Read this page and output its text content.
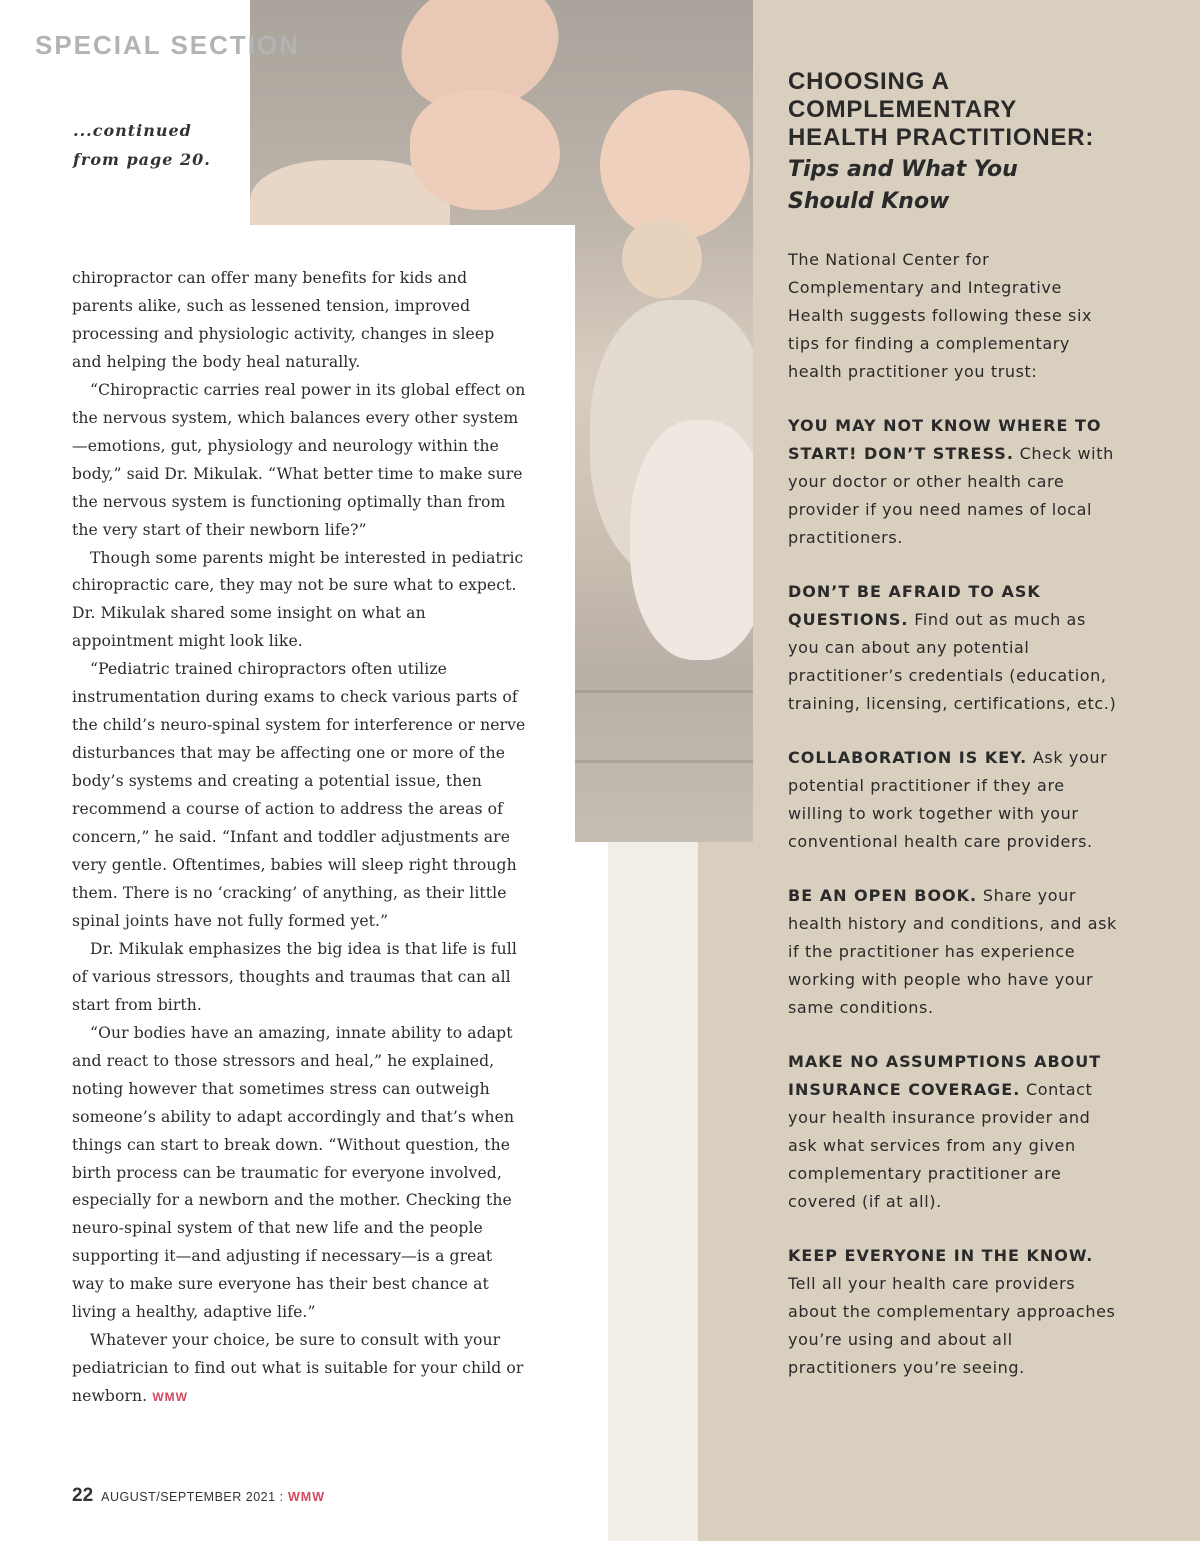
SPECIAL SECTION
...continued
from page 20.

chiropractor can offer many benefits for kids and parents alike, such as lessened tension, improved processing and physiologic activity, changes in sleep and helping the body heal naturally.

“Chiropractic carries real power in its global effect on the nervous system, which balances every other system—emotions, gut, physiology and neurology within the body,” said Dr. Mikulak. “What better time to make sure the nervous system is functioning optimally than from the very start of their newborn life?”

Though some parents might be interested in pediatric chiropractic care, they may not be sure what to expect. Dr. Mikulak shared some insight on what an appointment might look like.

“Pediatric trained chiropractors often utilize instrumentation during exams to check various parts of the child’s neuro-spinal system for interference or nerve disturbances that may be affecting one or more of the body’s systems and creating a potential issue, then recommend a course of action to address the areas of concern,” he said. “Infant and toddler adjustments are very gentle. Oftentimes, babies will sleep right through them. There is no ‘cracking’ of anything, as their little spinal joints have not fully formed yet.”

Dr. Mikulak emphasizes the big idea is that life is full of various stressors, thoughts and traumas that can all start from birth.

“Our bodies have an amazing, innate ability to adapt and react to those stressors and heal,” he explained, noting however that sometimes stress can outweigh someone’s ability to adapt accordingly and that’s when things can start to break down. “Without question, the birth process can be traumatic for everyone involved, especially for a newborn and the mother. Checking the neuro-spinal system of that new life and the people supporting it—and adjusting if necessary—is a great way to make sure everyone has their best chance at living a healthy, adaptive life.”

Whatever your choice, be sure to consult with your pediatrician to find out what is suitable for your child or newborn. WMW

22 AUGUST/SEPTEMBER 2021 : WMW
CHOOSING A
COMPLEMENTARY
HEALTH PRACTITIONER:
Tips and What You
Should Know

The National Center for Complementary and Integrative Health suggests following these six tips for finding a complementary health practitioner you trust:

YOU MAY NOT KNOW WHERE TO START! DON’T STRESS. Check with your doctor or other health care provider if you need names of local practitioners.

DON’T BE AFRAID TO ASK QUESTIONS. Find out as much as you can about any potential practitioner’s credentials (education, training, licensing, certifications, etc.)

COLLABORATION IS KEY. Ask your potential practitioner if they are willing to work together with your conventional health care providers.

BE AN OPEN BOOK. Share your health history and conditions, and ask if the practitioner has experience working with people who have your same conditions.

MAKE NO ASSUMPTIONS ABOUT INSURANCE COVERAGE. Contact your health insurance provider and ask what services from any given complementary practitioner are covered (if at all).

KEEP EVERYONE IN THE KNOW. Tell all your health care providers about the complementary approaches you’re using and about all practitioners you’re seeing.
